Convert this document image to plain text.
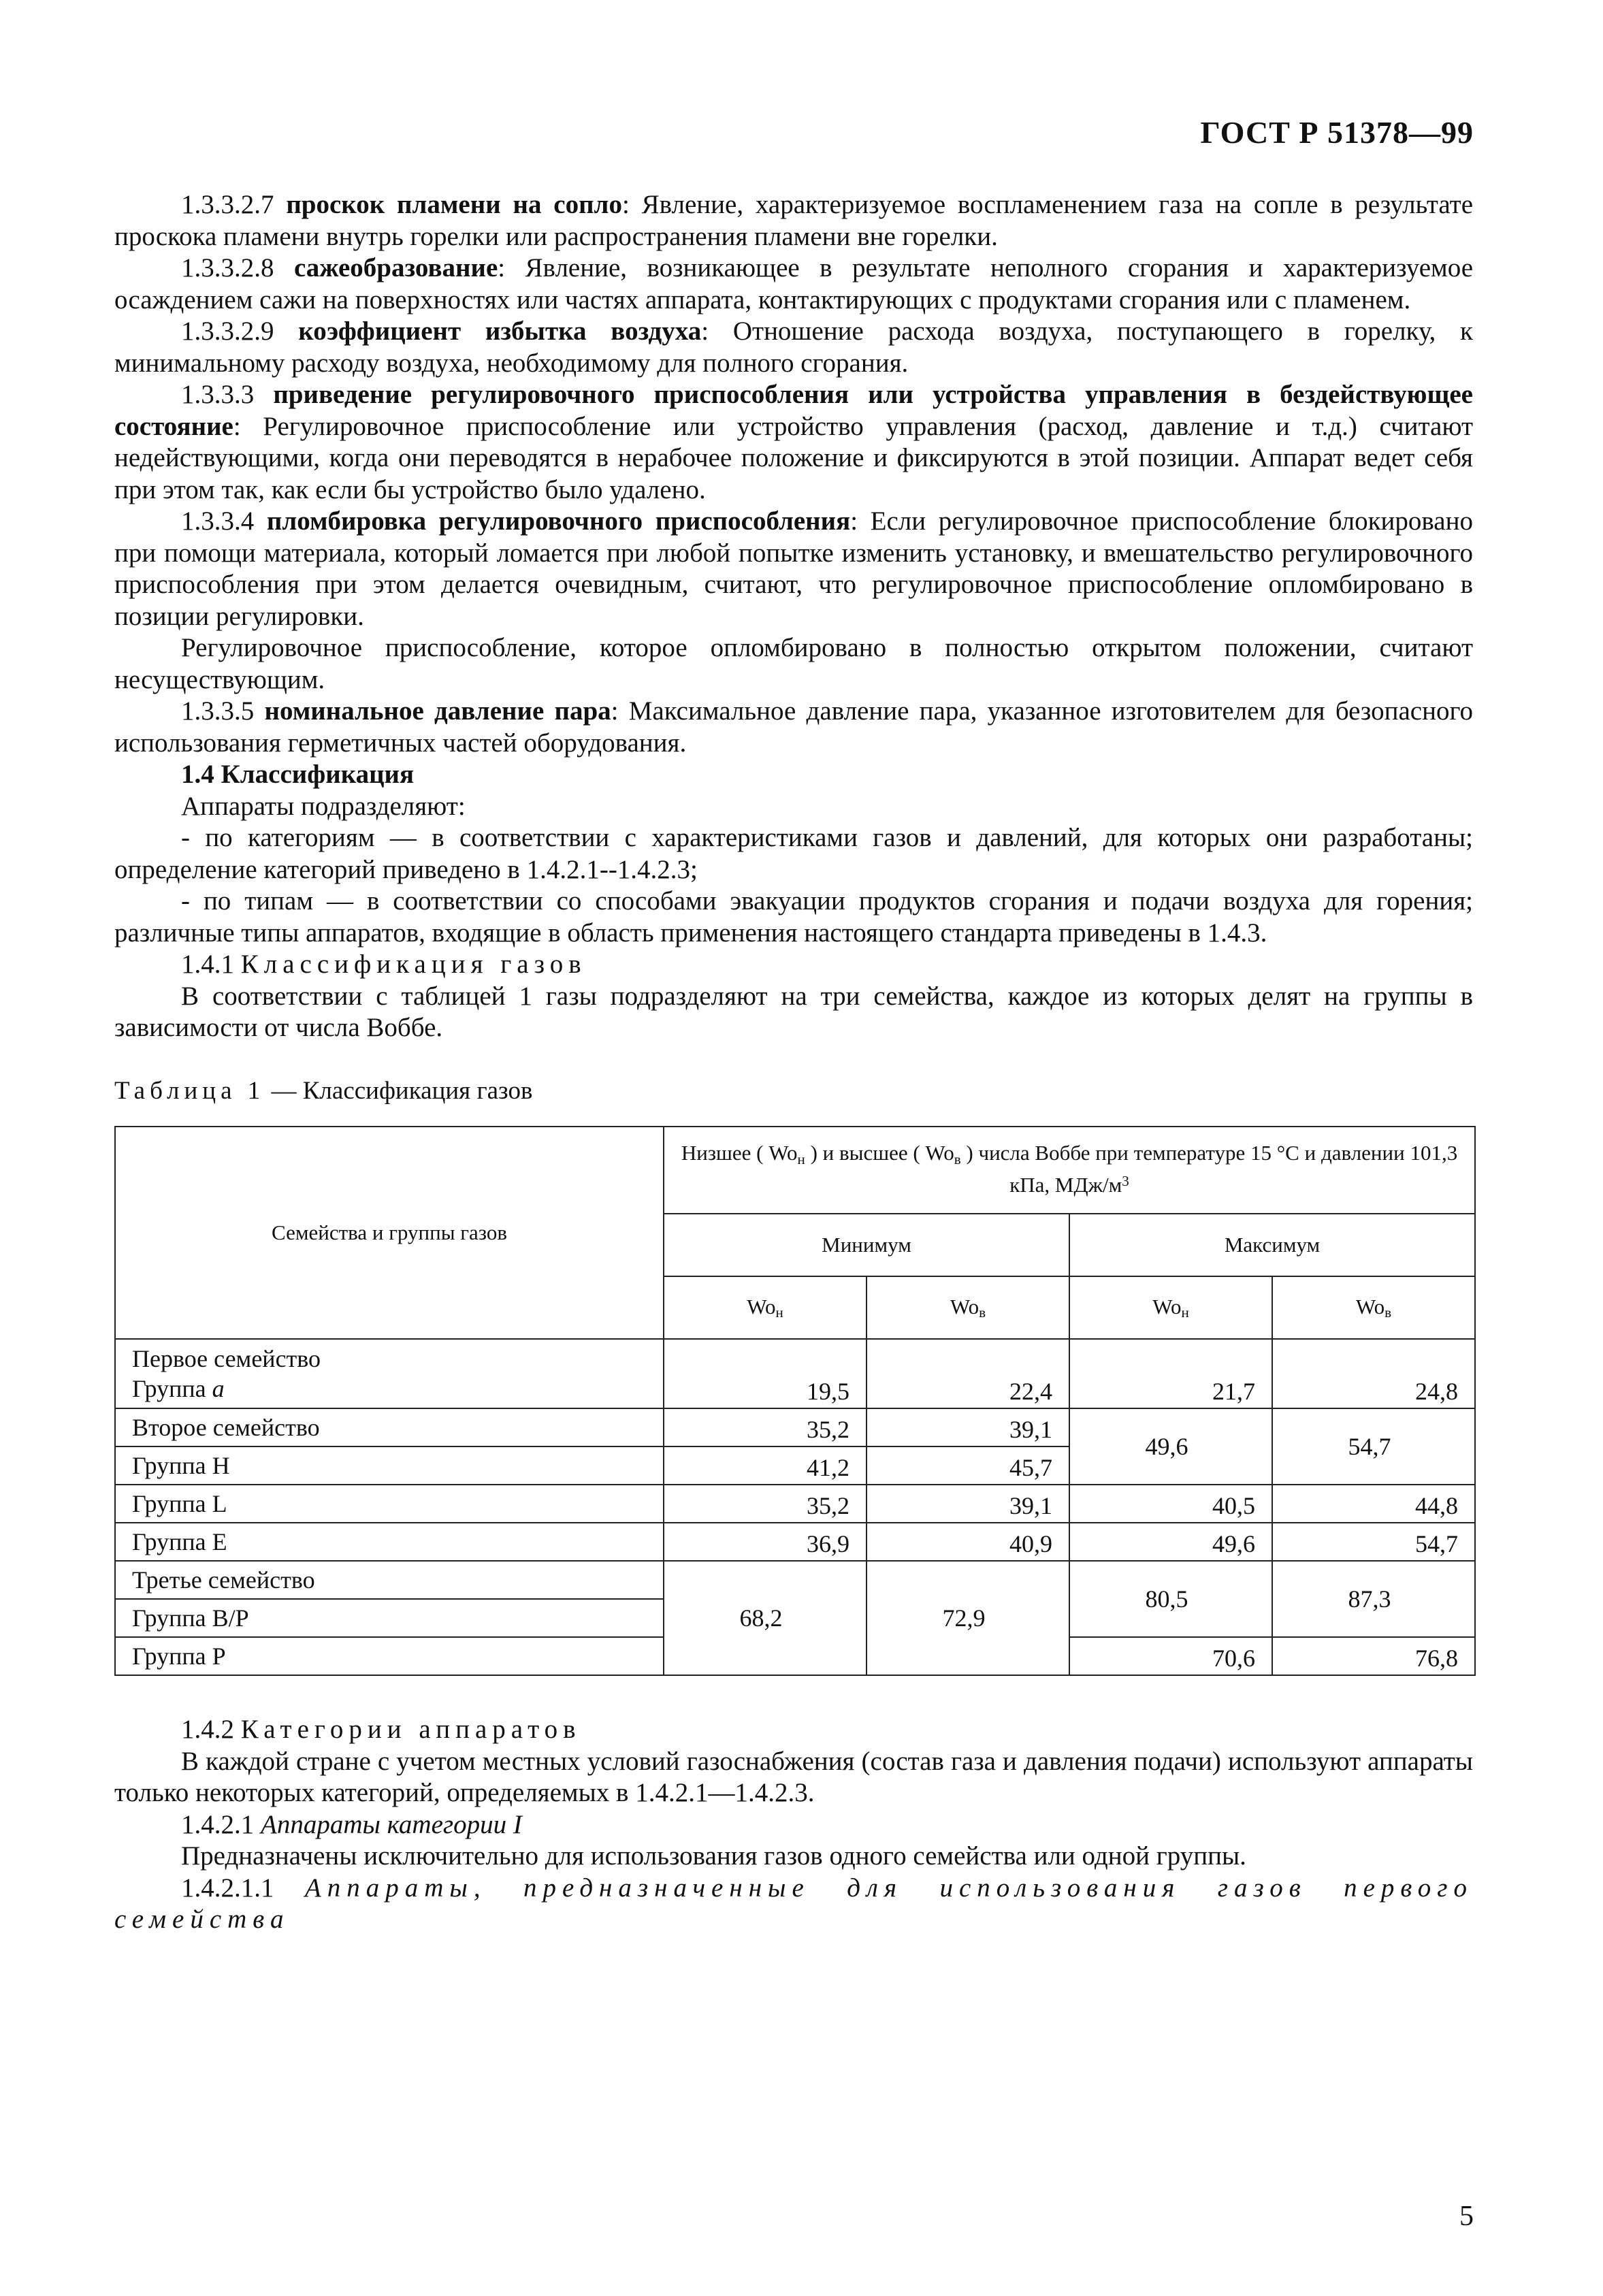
ГОСТ Р 51378—99

1.3.3.2.7 проскок пламени на сопло: Явление, характеризуемое воспламенением газа на сопле в результате проскока пламени внутрь горелки или распространения пламени вне горелки.

1.3.3.2.8 сажеобразование: Явление, возникающее в результате неполного сгорания и характеризуемое осаждением сажи на поверхностях или частях аппарата, контактирующих с продуктами сгорания или с пламенем.

1.3.3.2.9 коэффициент избытка воздуха: Отношение расхода воздуха, поступающего в горелку, к минимальному расходу воздуха, необходимому для полного сгорания.

1.3.3.3 приведение регулировочного приспособления или устройства управления в бездействующее состояние: Регулировочное приспособление или устройство управления (расход, давление и т.д.) считают недействующими, когда они переводятся в нерабочее положение и фиксируются в этой позиции. Аппарат ведет себя при этом так, как если бы устройство было удалено.

1.3.3.4 пломбировка регулировочного приспособления: Если регулировочное приспособление блокировано при помощи материала, который ломается при любой попытке изменить установку, и вмешательство регулировочного приспособления при этом делается очевидным, считают, что регулировочное приспособление опломбировано в позиции регулировки.

Регулировочное приспособление, которое опломбировано в полностью открытом положении, считают несуществующим.

1.3.3.5 номинальное давление пара: Максимальное давление пара, указанное изготовителем для безопасного использования герметичных частей оборудования.

1.4 Классификация

Аппараты подразделяют:

- по категориям — в соответствии с характеристиками газов и давлений, для которых они разработаны; определение категорий приведено в 1.4.2.1--1.4.2.3;

- по типам — в соответствии со способами эвакуации продуктов сгорания и подачи воздуха для горения; различные типы аппаратов, входящие в область применения настоящего стандарта приведены в 1.4.3.

1.4.1 Классификация газов

В соответствии с таблицей 1 газы подразделяют на три семейства, каждое из которых делят на группы в зависимости от числа Воббе.

Таблица 1 — Классификация газов
Семейства и группы газов	Низшее ( Woн ) и высшее ( Woв ) числа Воббе при температуре 15 °С и давлении 101,3 кПа, МДж/$м^3$
	Минимум		Максимум	
	Woн	Woв	Woн	Woв

Первое семейство
Группа a	19,5	22,4	21,7	24,8
Второе семейство	35,2	39,1	49,6	54,7
Группа Н	41,2	45,7		
Группа L	35,2	39,1	40,5	44,8
Группа Е	36,9	40,9	49,6	54,7
Третье семейство	68,2	72,9	80,5	87,3
Группа В/Р				
Группа Р			70,6	76,8

1.4.2 Категории аппаратов

В каждой стране с учетом местных условий газоснабжения (состав газа и давления подачи) используют аппараты только некоторых категорий, определяемых в 1.4.2.1—1.4.2.3.

1.4.2.1 Аппараты категории I

Предназначены исключительно для использования газов одного семейства или одной группы.

1.4.2.1.1 Аппараты, предназначенные для использования газов первого семейства

5
